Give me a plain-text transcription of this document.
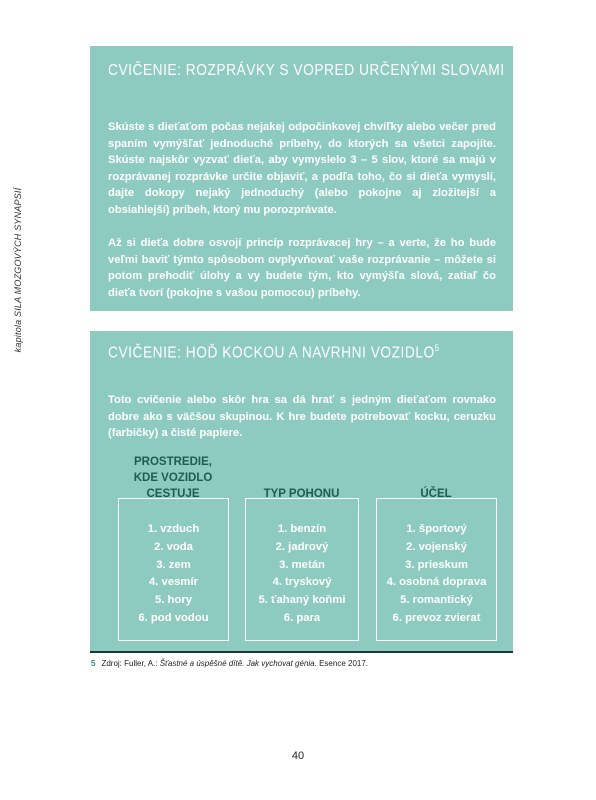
kapitola SILA MOZGOVÝCH SYNAPSIÍ
CVIČENIE: ROZPRÁVKY S VOPRED URČENÝMI SLOVAMI

Skúste s dieťaťom počas nejakej odpočinkovej chvíľky alebo večer pred spaním vymýšľať jednoduché príbehy, do ktorých sa všetci zapojíte. Skúste najskôr vyzvať dieťa, aby vymyslelo 3 – 5 slov, ktoré sa majú v rozprávanej rozprávke určite objaviť, a podľa toho, čo si dieťa vymyslí, dajte dokopy nejaký jednoduchý (alebo pokojne aj zložitejší a obsiahlejší) príbeh, ktorý mu porozprávate.

Až si dieťa dobre osvojí princíp rozprávacej hry – a verte, že ho bude veľmi baviť týmto spôsobom ovplyvňovať vaše rozprávanie – môžete si potom prehodiť úlohy a vy budete tým, kto vymýšľa slová, zatiaľ čo dieťa tvorí (pokojne s vašou pomocou) príbehy.

CVIČENIE: HOĎ KOCKOU A NAVRHNI VOZIDLO$^5$

Toto cvičenie alebo skôr hra sa dá hrať s jedným dieťaťom rovnako dobre ako s väčšou skupinou. K hre budete potrebovať kocku, ceruzku (farbičky) a čisté papiere.

PROSTREDIE,
KDE VOZIDLO
CESTUJE
1. vzduch
2. voda
3. zem
4. vesmír
5. hory
6. pod vodou
TYP POHONU
1. benzín
2. jadrový
3. metán
4. tryskový
5. ťahaný koňmi
6. para
ÚČEL
1. športový
2. vojenský
3. prieskum
4. osobná doprava
5. romantický
6. prevoz zvierat
5 Zdroj: Fuller, A.: Šťastné a úspěšné dítě. Jak vychovat génia. Esence 2017.
40
